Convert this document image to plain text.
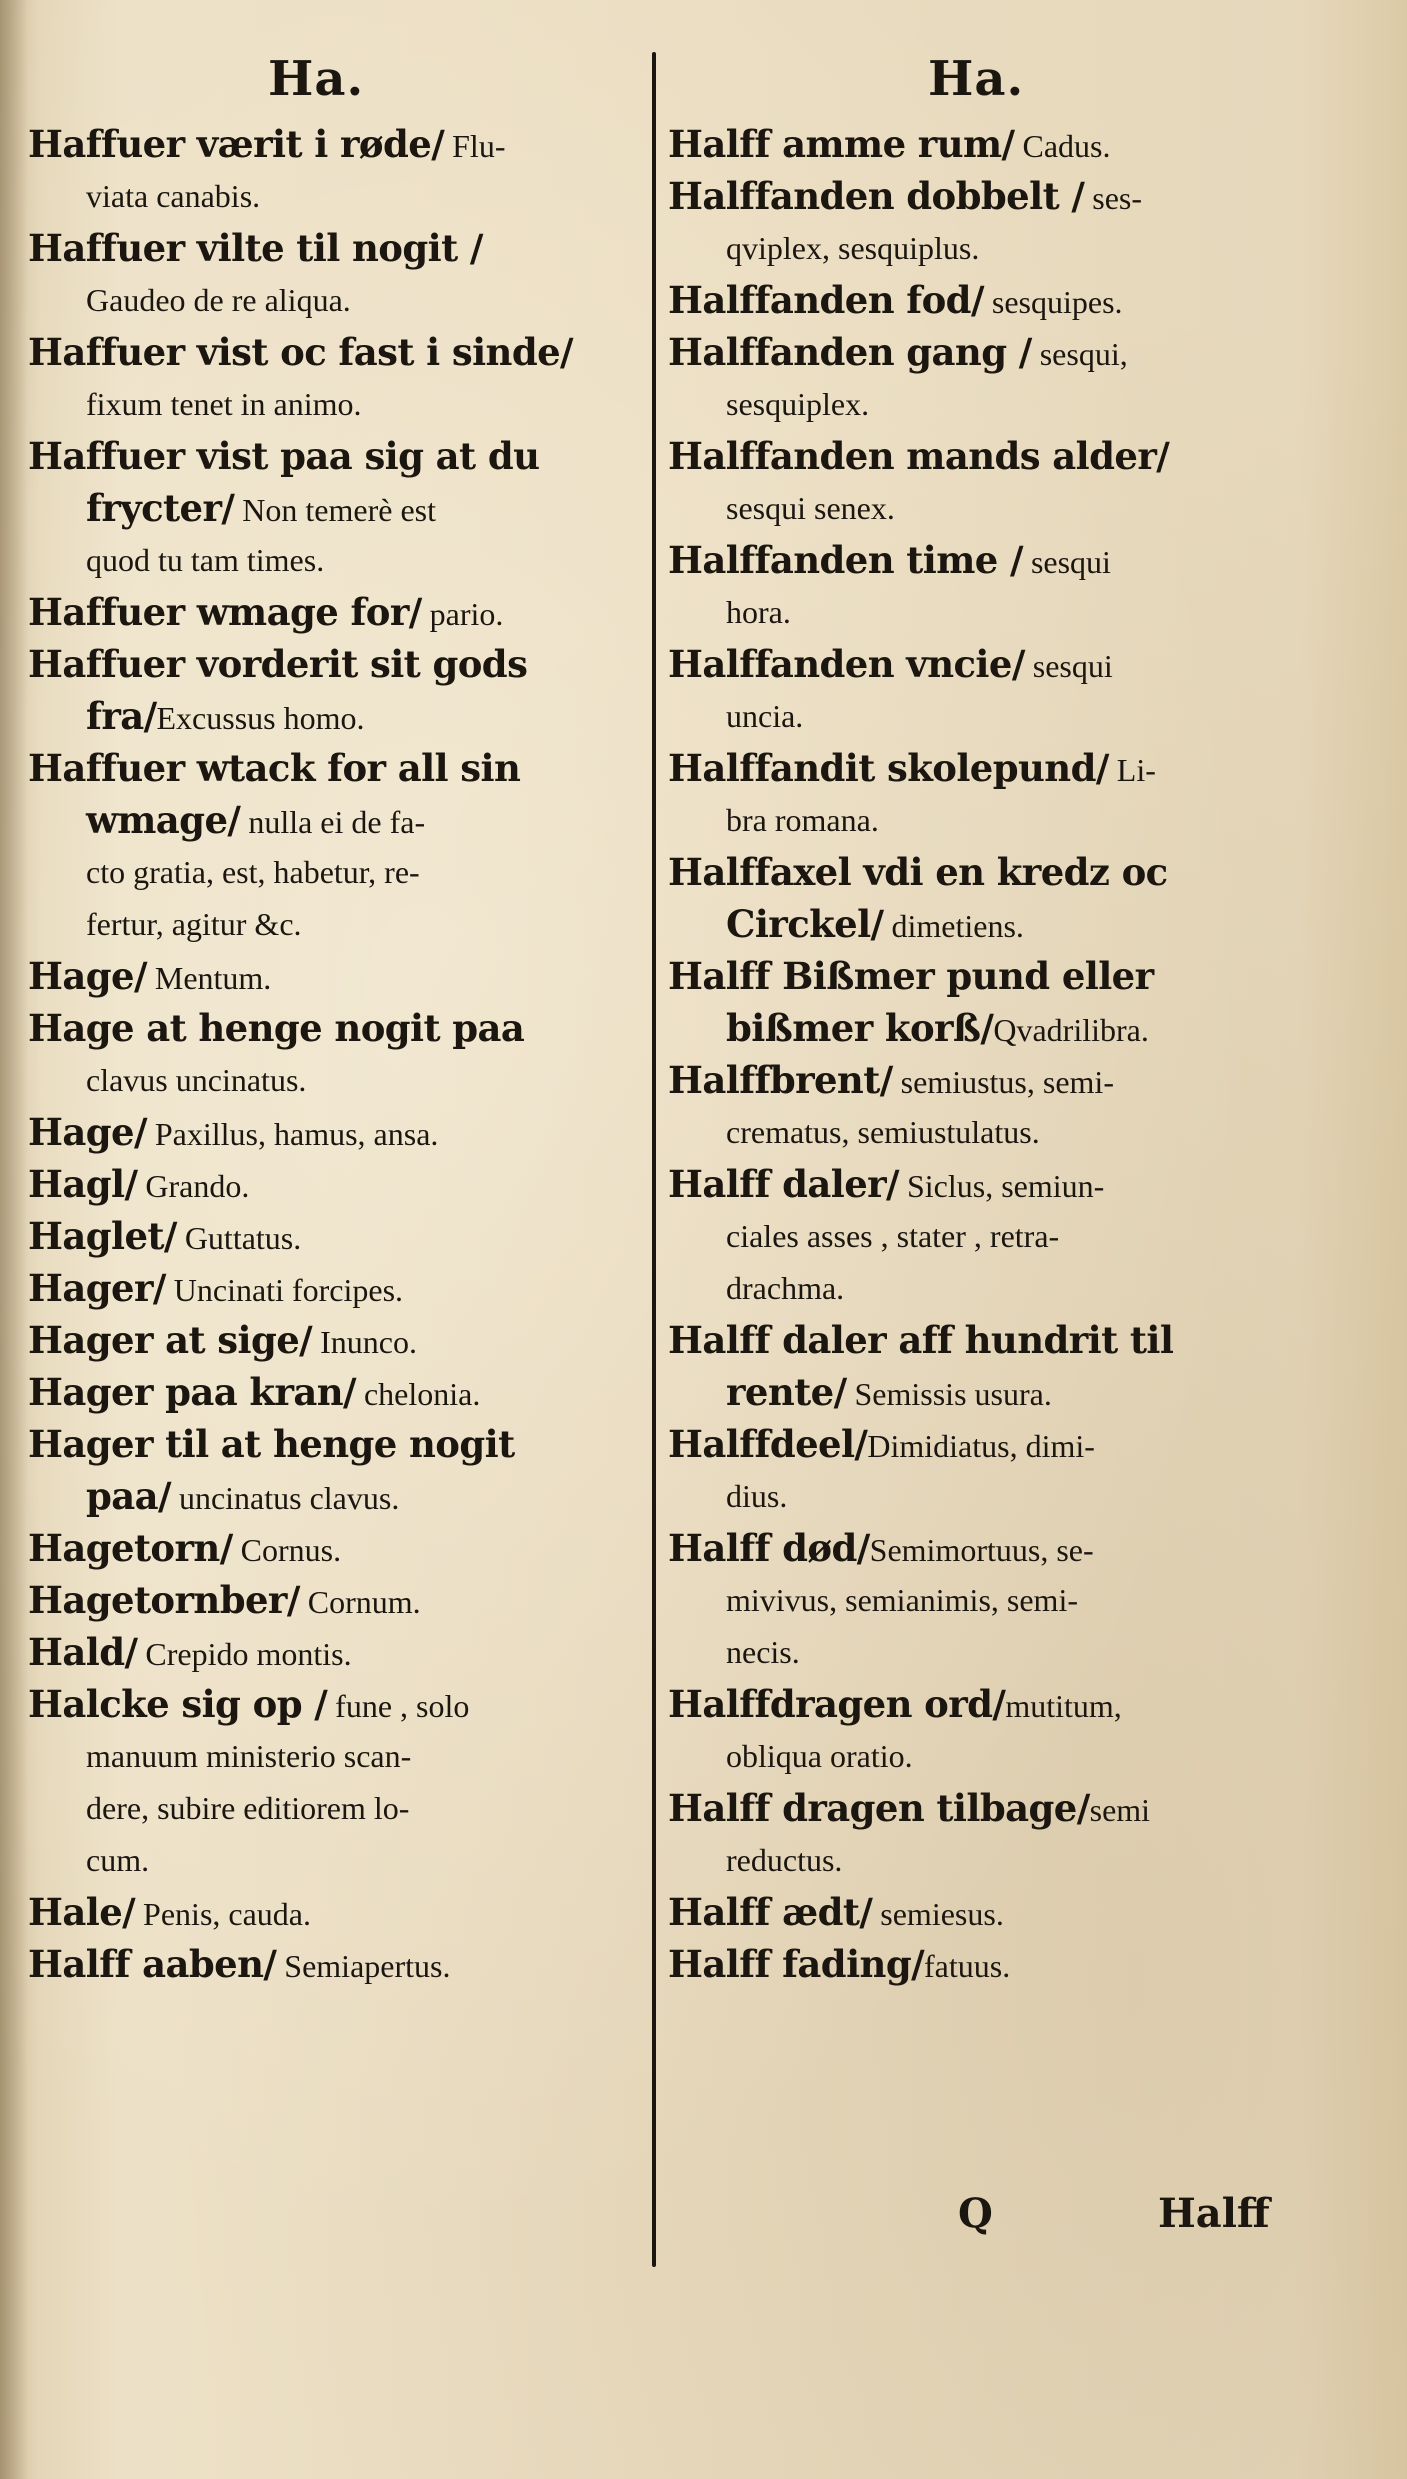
Ha.
Haffuer værit i røde/ Flu-
viata canabis.
Haffuer vilte til nogit /
Gaudeo de re aliqua.
Haffuer vist oc fast i sinde/
fixum tenet in animo.
Haffuer vist paa sig at du
frycter/ Non temerè est
quod tu tam times.
Haffuer wmage for/ pario.
Haffuer vorderit sit gods
fra/Excussus homo.
Haffuer wtack for all sin
wmage/ nulla ei de fa-
cto gratia, est, habetur, re-
fertur, agitur &c.
Hage/ Mentum.
Hage at henge nogit paa
clavus uncinatus.
Hage/ Paxillus, hamus, ansa.
Hagl/ Grando.
Haglet/ Guttatus.
Hager/ Uncinati forcipes.
Hager at sige/ Inunco.
Hager paa kran/ chelonia.
Hager til at henge nogit
paa/ uncinatus clavus.
Hagetorn/ Cornus.
Hagetornber/ Cornum.
Hald/ Crepido montis.
Halcke sig op / fune , solo
manuum ministerio scan-
dere, subire editiorem lo-
cum.
Hale/ Penis, cauda.
Halff aaben/ Semiapertus.
Ha.
Halff amme rum/ Cadus.
Halffanden dobbelt / ses-
qviplex, sesquiplus.
Halffanden fod/ sesquipes.
Halffanden gang / sesqui,
sesquiplex.
Halffanden mands alder/
sesqui senex.
Halffanden time / sesqui
hora.
Halffanden vncie/ sesqui
uncia.
Halffandit skolepund/ Li-
bra romana.
Halffaxel vdi en kredz oc
Circkel/ dimetiens.
Halff Bißmer pund eller
bißmer korß/Qvadrilibra.
Halffbrent/ semiustus, semi-
crematus, semiustulatus.
Halff daler/ Siclus, semiun-
ciales asses , stater , retra-
drachma.
Halff daler aff hundrit til
rente/ Semissis usura.
Halffdeel/Dimidiatus, dimi-
dius.
Halff død/Semimortuus, se-
mivivus, semianimis, semi-
necis.
Halffdragen ord/mutitum,
obliqua oratio.
Halff dragen tilbage/semi
reductus.
Halff ædt/ semiesus.
Halff fading/fatuus.
Q	Halff
